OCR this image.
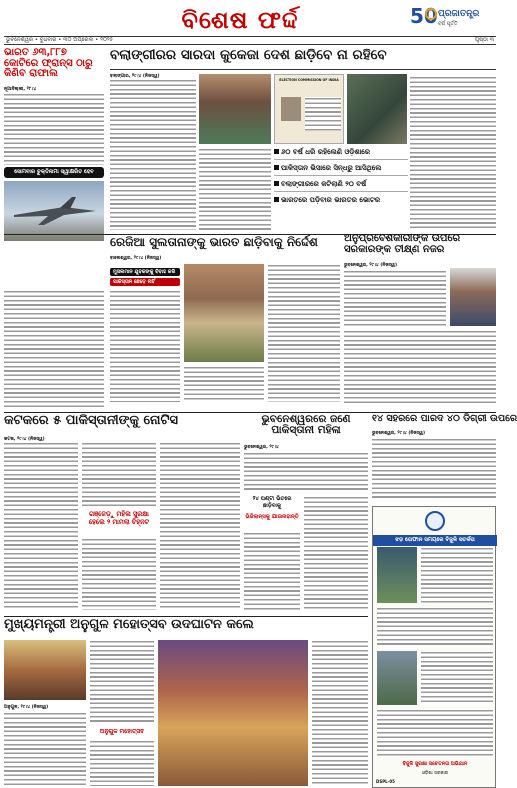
ବିଶେଷ ଫର୍ଦ୍ଦ	50 ପ୍ରଜାତନ୍ତ୍ର
ବର୍ଷ ପୂର୍ତ୍ତି
ଭୁବନେଶ୍ୱର • ବୁଧବାର • ୩୦ ଅପ୍ରେଲ • ୨୦୨୫	ପୃଷ୍ଠା ୩
ଭାରତ ୬୩,୮୮୭ କୋଟିରେ ଫ୍ରାନ୍ସ ଠାରୁ କିଣିବ ରାଫାଲ
ନୂଆଦିଲ୍ଲୀ, ୨୮।୪
ସୋମବାର ଚୁକ୍ତିନାମା ସ୍ୱାକ୍ଷରିତ ହେବ
ବଲାଙ୍ଗୀରର ସାରଦା କୁକେଜା ଦେଶ ଛାଡ଼ିବେ ନା ରହିବେ
ବଲାଙ୍ଗୀର, ୨୯।୪ (ନିଜସ୍ୱ)
ELECTION COMMISSION OF INDIA
୬୦ ବର୍ଷ ଧରି ରହିଲେଣି ଓଡ଼ିଶାରେ
ପାକିସ୍ତାନ ଭିସାରେ ସିନ୍ଧରୁ ଆସିଥିଲେ
ବଲାଙ୍ଗୀରରେ କଟିଲାଣି ୨୦ ବର୍ଷ
ଭାରତରେ ପଡ଼ିବାର ଭାରତର ଭୋଟର
ରେଜିଆ ସୁଲତାନାଙ୍କୁ ଭାରତ ଛାଡ଼ିବାକୁ ନିର୍ଦ୍ଦେଶ
ବାଲେଶ୍ୱର, ୨୯।୪ (ନିଜସ୍ୱ)
ମୁସଲମାନ ଯୁବକଙ୍କୁ ବିବାହ କରି
ପାକିସ୍ତାନ ଛେଡ଼େ ନାହିଁ
ଅନୁପ୍ରବେଶକାରୀଙ୍କ ଉପରେ ସରକାରଙ୍କ ତୀକ୍ଷ୍ଣ ନଜର
ଭୁବନେଶ୍ୱର, ୨୯।୪ (ନିଜସ୍ୱ)
କଟକରେ ୫ ପାକିସ୍ତାନୀଙ୍କୁ ନୋଟିସ
କଟକ, ୨୯।୪ (ନିଜସ୍ୱ)
ଗଞ୍ଜେଡ଼ୁ ମହିଳା ସୁରକ୍ଷା ହେଲେ ୨ ମାମଲା ଚିହ୍ନଟ
ଭୁବନେଶ୍ୱରରେ ଜଣେ ପାକିସ୍ତାନୀ ମହିଳା
ଭୁବନେଶ୍ୱର, ୨୯।୪
୨୪ ଘଣ୍ଟା ଭିତରେ ଛାଡ଼ିବାକୁ
ଭିଜିଲାନ୍ସକୁ ଯାଉନାହାନ୍ତି
୧୪ ସହରରେ ପାରଦ ୪୦ ଡିଗ୍ରୀ ଉପରେ
ଭୁବନେଶ୍ୱର, ୨୯।୪ (ନିଜସ୍ୱ)
ଝଡ଼ ତୋଫାନ ସମୟରେ ବିଜୁଳି ସତର୍କତା
ବିଜୁଳି ସୁରକ୍ଷା ସଚେତନତା ଅଭିଯାନ
ଓଡ଼ିଶା ସରକାର
DSPL-05
ମୁଖ୍ୟମନ୍ତ୍ରୀ ଅନୁଗୁଳ ମହୋତ୍ସବ ଉଦଘାଟନ କଲେ
ଅନୁଗୁଳ, ୨୯।୪ (ନିଜସ୍ୱ)
ଅନୁଗୁଳ ମହୋତ୍ସବ
